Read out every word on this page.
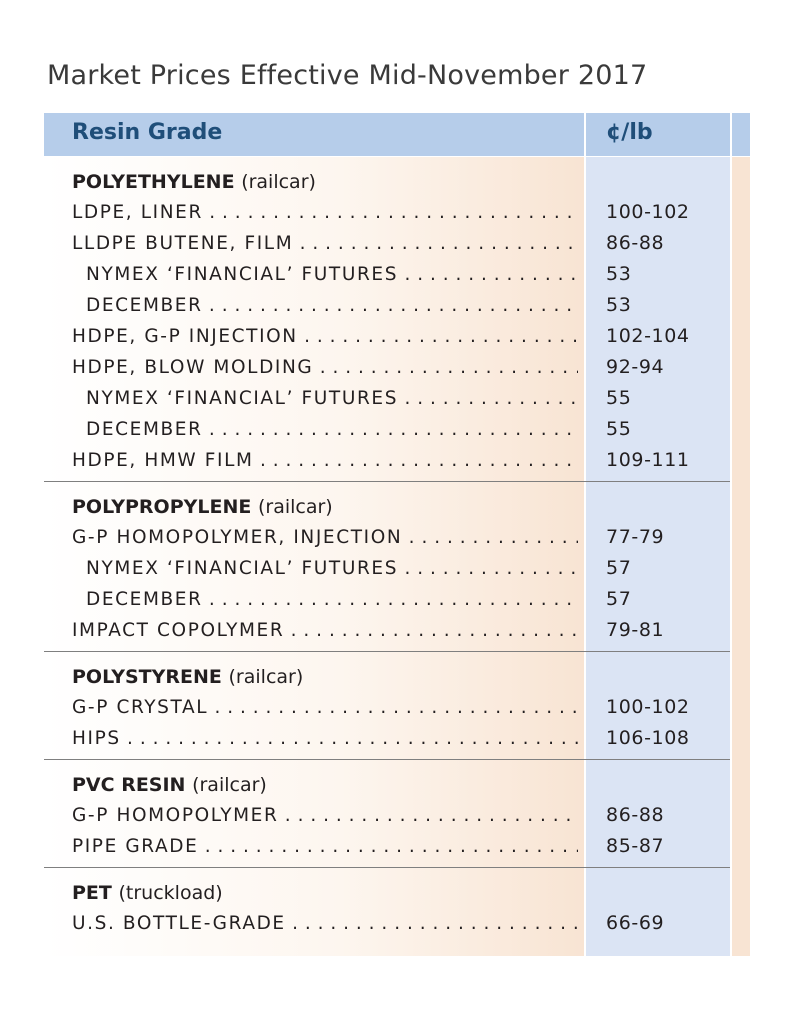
Market Prices Effective Mid-November 2017
Resin Grade	¢/lb
POLYETHYLENE (railcar)
LDPE, LINER . . .	100-102
LLDPE BUTENE, FILM . . .	86-88
NYMEX ‘FINANCIAL’ FUTURES . . .	53
DECEMBER . . .	53
HDPE, G-P INJECTION . . .	102-104
HDPE, BLOW MOLDING . . .	92-94
NYMEX ‘FINANCIAL’ FUTURES . . .	55
DECEMBER . . .	55
HDPE, HMW FILM . . .	109-111
POLYPROPYLENE (railcar)
G-P HOMOPOLYMER, INJECTION . . .	77-79
NYMEX ‘FINANCIAL’ FUTURES . . .	57
DECEMBER . . .	57
IMPACT COPOLYMER . . .	79-81
POLYSTYRENE (railcar)
G-P CRYSTAL . . .	100-102
HIPS . . .	106-108
PVC RESIN (railcar)
G-P HOMOPOLYMER . . .	86-88
PIPE GRADE . . .	85-87
PET (truckload)
U.S. BOTTLE-GRADE . . .	66-69
